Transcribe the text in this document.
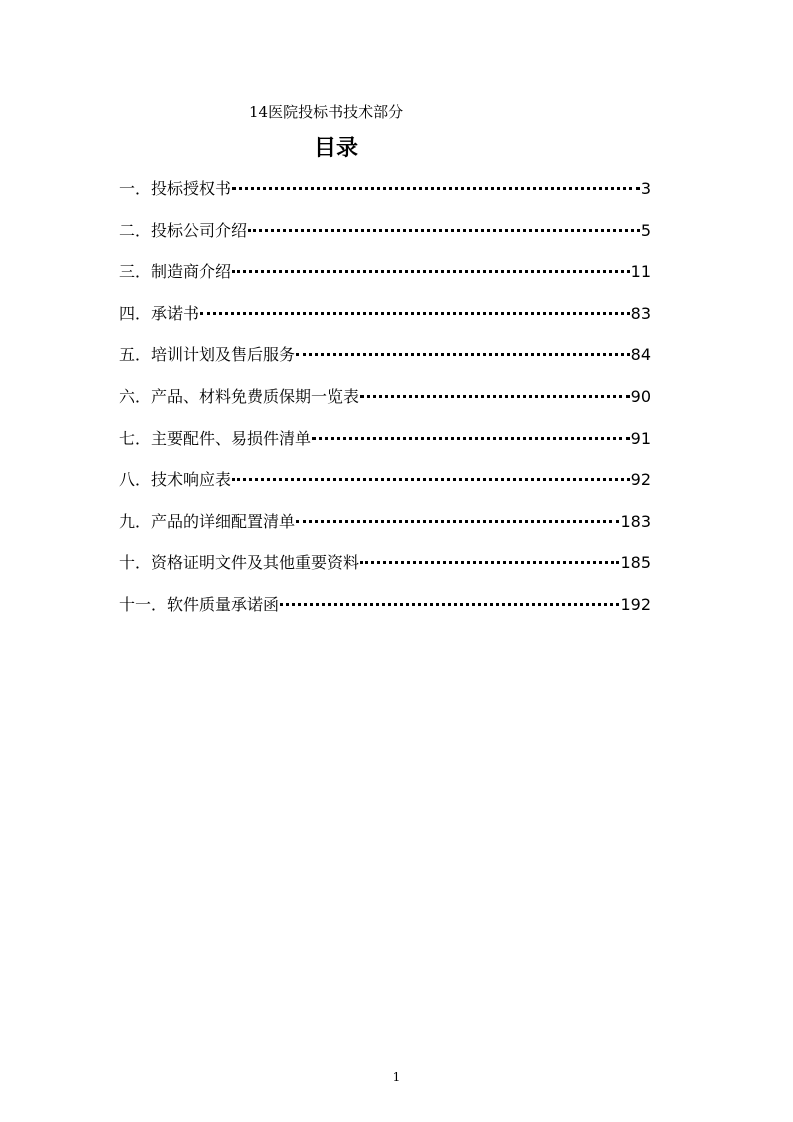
14医院投标书技术部分
目录
一．投标授权书	3
二．投标公司介绍	5
三．制造商介绍	11
四．承诺书	83
五．培训计划及售后服务	84
六．产品、材料免费质保期一览表	90
七．主要配件、易损件清单	91
八．技术响应表	92
九．产品的详细配置清单	183
十．资格证明文件及其他重要资料	185
十一．软件质量承诺函	192
1
